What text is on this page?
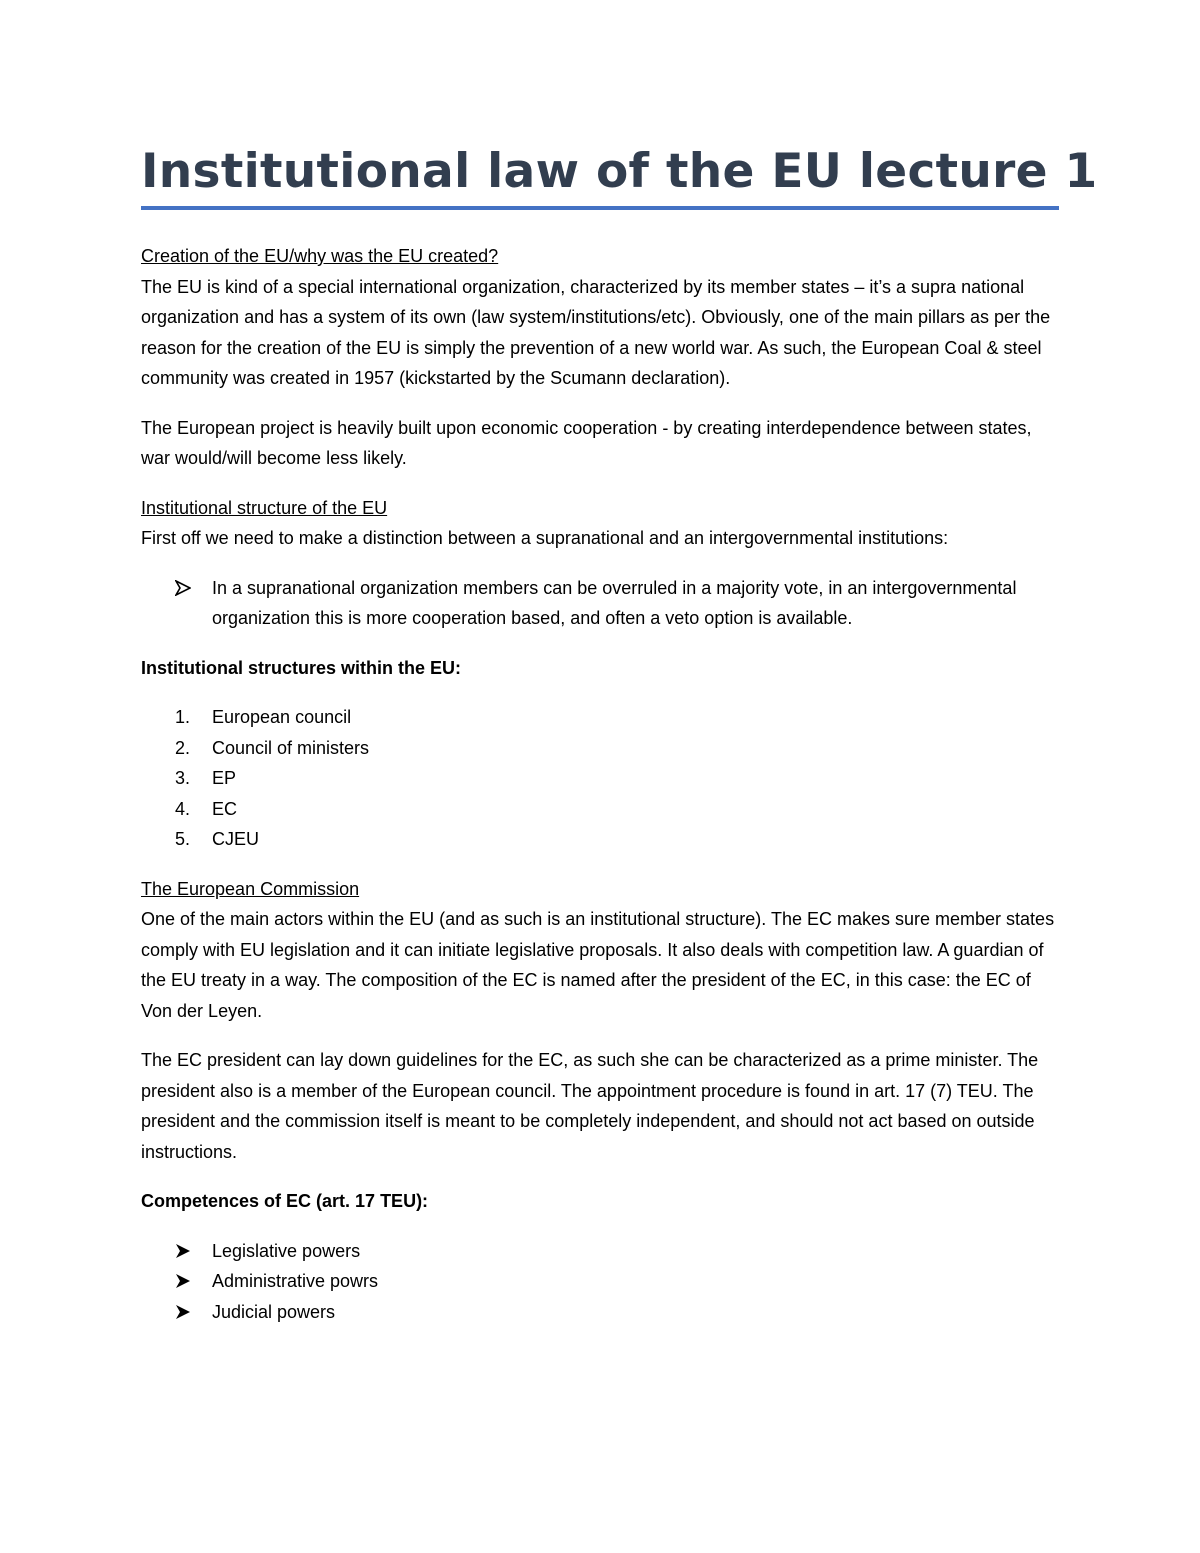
Institutional law of the EU lecture 1
Creation of the EU/why was the EU created?

The EU is kind of a special international organization, characterized by its member states – it’s a supra national organization and has a system of its own (law system/institutions/etc). Obviously, one of the main pillars as per the reason for the creation of the EU is simply the prevention of a new world war. As such, the European Coal & steel community was created in 1957 (kickstarted by the Scumann declaration).

The European project is heavily built upon economic cooperation - by creating interdependence between states, war would/will become less likely.

Institutional structure of the EU

First off we need to make a distinction between a supranational and an intergovernmental institutions:

In a supranational organization members can be overruled in a majority vote, in an intergovernmental organization this is more cooperation based, and often a veto option is available.

Institutional structures within the EU:

1.	European council
2.	Council of ministers
3.	EP
4.	EC
5.	CJEU
The European Commission

One of the main actors within the EU (and as such is an institutional structure). The EC makes sure member states comply with EU legislation and it can initiate legislative proposals. It also deals with competition law. A guardian of the EU treaty in a way. The composition of the EC is named after the president of the EC, in this case: the EC of Von der Leyen.

The EC president can lay down guidelines for the EC, as such she can be characterized as a prime minister. The president also is a member of the European council. The appointment procedure is found in art. 17 (7) TEU. The president and the commission itself is meant to be completely independent, and should not act based on outside instructions.

Competences of EC (art. 17 TEU):

Legislative powers
Administrative powrs
Judicial powers
